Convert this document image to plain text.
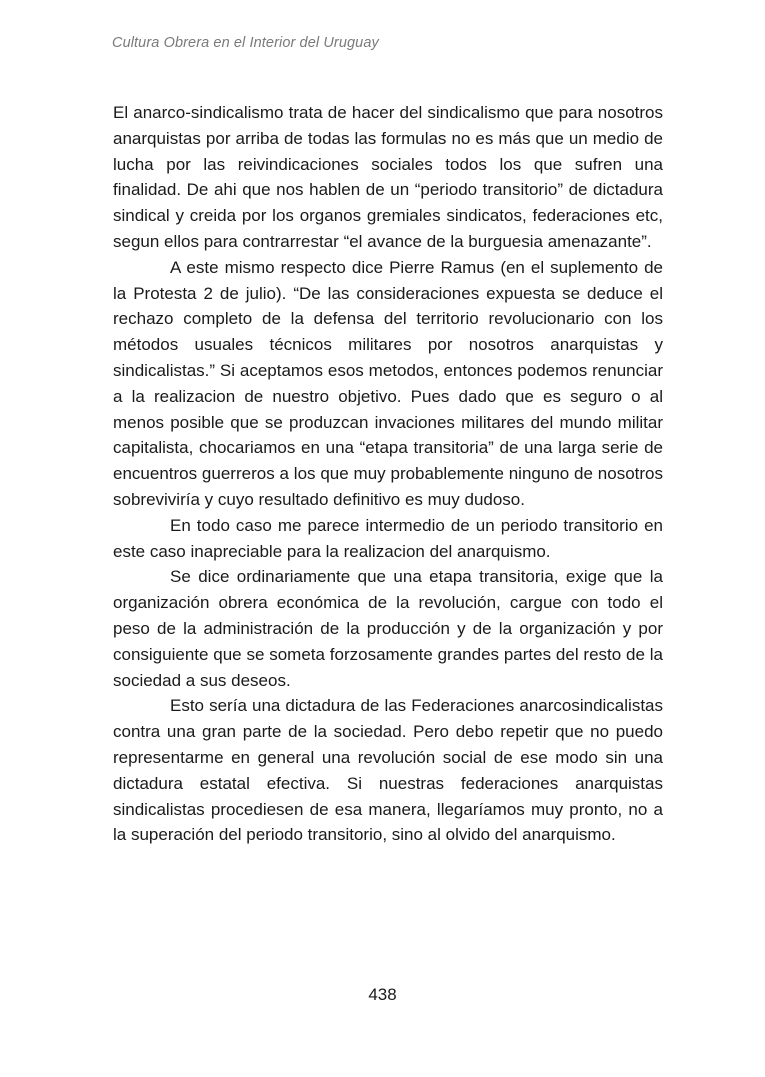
Cultura Obrera en el Interior del Uruguay

El anarco-sindicalismo trata de hacer del sindicalismo que para nosotros anarquistas por arriba de todas las formulas no es más que un medio de lucha por las reivindicaciones sociales todos los que sufren una finalidad. De ahi que nos hablen de un “periodo transitorio” de dictadura sindical y creida por los organos gremiales sindicatos, federaciones etc, segun ellos para contrarrestar “el avance de la burguesia amenazante”.

A este mismo respecto dice Pierre Ramus (en el suplemento de la Protesta 2 de julio). “De las consideraciones expuesta se deduce el rechazo completo de la defensa del territorio revolucionario con los métodos usuales técnicos militares por nosotros anarquistas y sindicalistas.” Si aceptamos esos metodos, entonces podemos renunciar a la realizacion de nuestro objetivo. Pues dado que es seguro o al menos posible que se produzcan invaciones militares del mundo militar capitalista, chocariamos en una “etapa transitoria” de una larga serie de encuentros guerreros a los que muy probablemente ninguno de nosotros sobreviviría y cuyo resultado definitivo es muy dudoso.

En todo caso me parece intermedio de un periodo transitorio en este caso inapreciable para la realizacion del anarquismo.

Se dice ordinariamente que una etapa transitoria, exige que la organización obrera económica de la revolución, cargue con todo el peso de la administración de la producción y de la organización y por consiguiente que se someta forzosamente grandes partes del resto de la sociedad a sus deseos.

Esto sería una dictadura de las Federaciones anarcosindicalistas contra una gran parte de la sociedad. Pero debo repetir que no puedo representarme en general una revolución social de ese modo sin una dictadura estatal efectiva. Si nuestras federaciones anarquistas sindicalistas procediesen de esa manera, llegaríamos muy pronto, no a la superación del periodo transitorio, sino al olvido del anarquismo.

438
